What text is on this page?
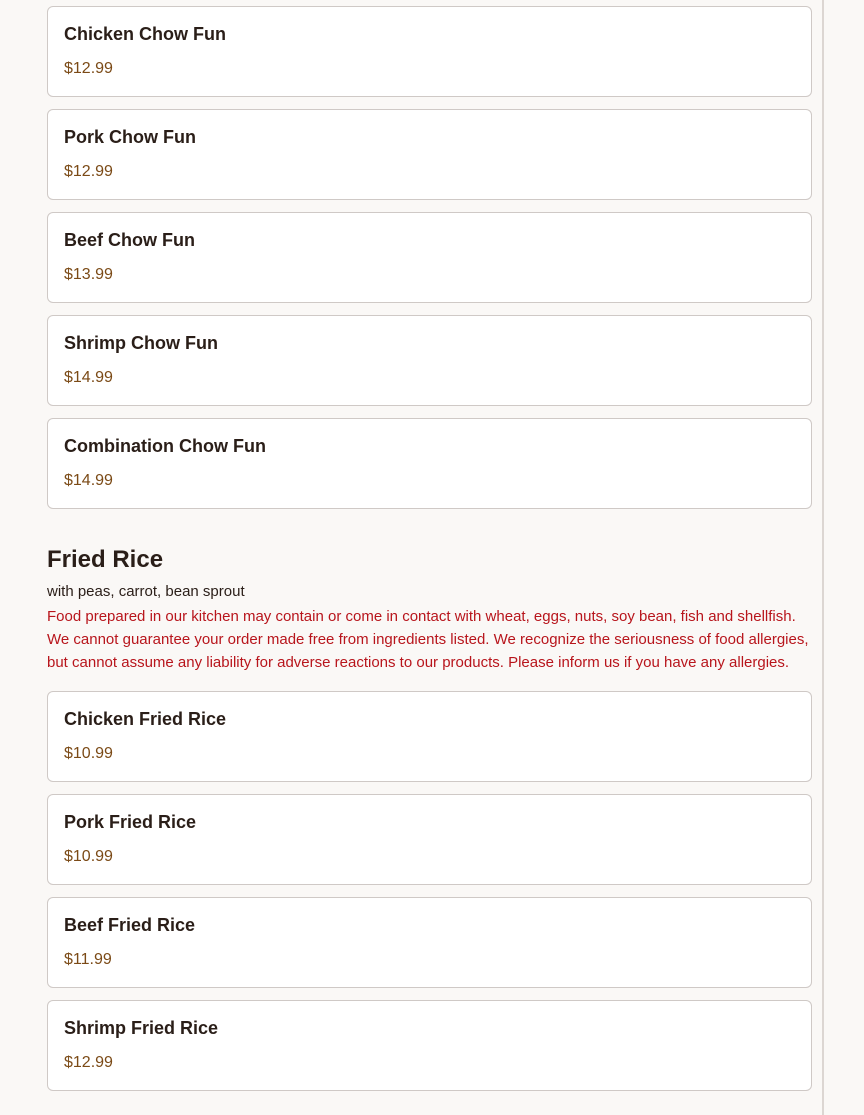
Chicken Chow Fun
$12.99
Pork Chow Fun
$12.99
Beef Chow Fun
$13.99
Shrimp Chow Fun
$14.99
Combination Chow Fun
$14.99
Fried Rice
with peas, carrot, bean sprout
Food prepared in our kitchen may contain or come in contact with wheat, eggs, nuts, soy bean, fish and shellfish. We cannot guarantee your order made free from ingredients listed. We recognize the seriousness of food allergies, but cannot assume any liability for adverse reactions to our products. Please inform us if you have any allergies.
Chicken Fried Rice
$10.99
Pork Fried Rice
$10.99
Beef Fried Rice
$11.99
Shrimp Fried Rice
$12.99
